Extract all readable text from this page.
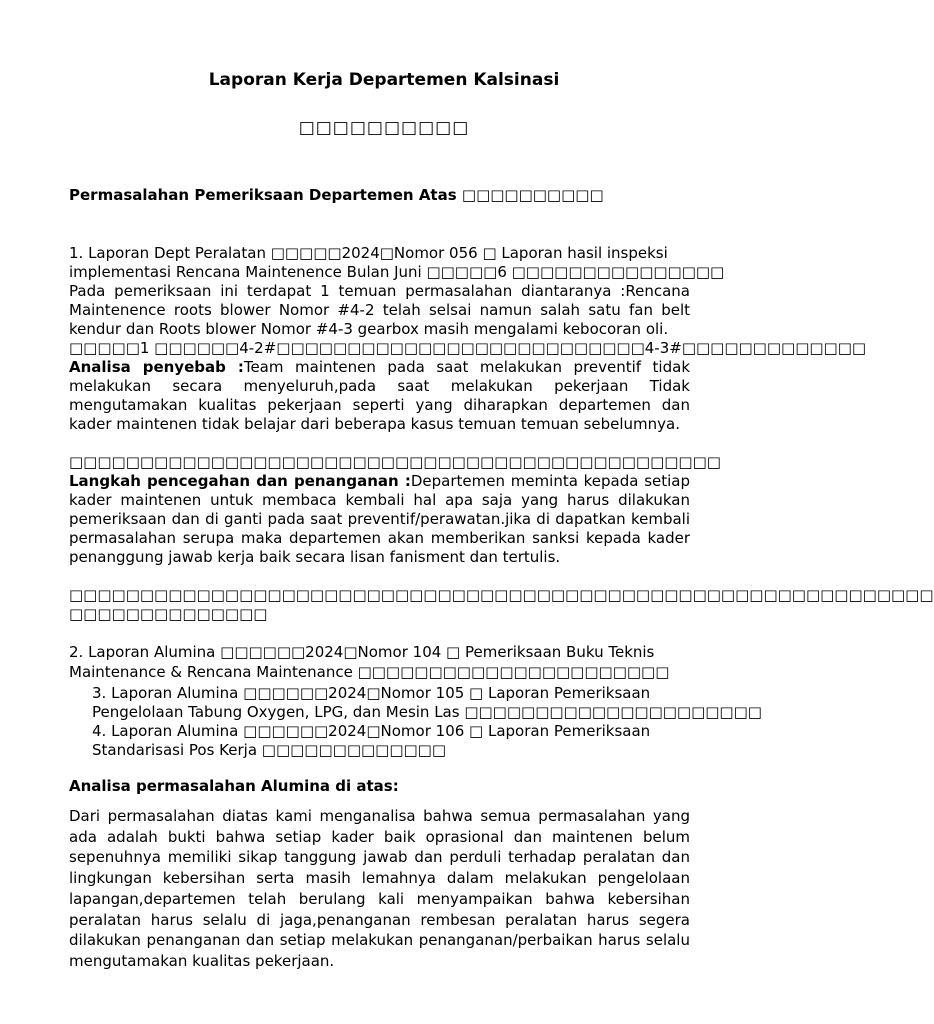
Laporan Kerja Departemen Kalsinasi
□□□□□□□□□□
Permasalahan Pemeriksaan Departemen Atas □□□□□□□□□□
1. Laporan Dept Peralatan □□□□□2024□Nomor 056 □ Laporan hasil inspeksi
implementasi Rencana Maintenence Bulan Juni □□□□□6 □□□□□□□□□□□□□□□
Pada pemeriksaan ini terdapat 1 temuan permasalahan diantaranya :Rencana Maintenence roots blower Nomor #4-2 telah selsai namun salah satu fan belt kendur dan Roots blower Nomor #4-3 gearbox masih mengalami kebocoran oli.
□□□□□1 □□□□□□4-2#□□□□□□□□□□□□□□□□□□□□□□□□□□4-3#□□□□□□□□□□□□□
Analisa penyebab :Team maintenen pada saat melakukan preventif tidak melakukan secara menyeluruh,pada saat melakukan pekerjaan Tidak mengutamakan kualitas pekerjaan seperti yang diharapkan departemen dan kader maintenen tidak belajar dari beberapa kasus temuan temuan sebelumnya.
□□□□□□□□□□□□□□□□□□□□□□□□□□□□□□□□□□□□□□□□□□□□□□
Langkah pencegahan dan penanganan :Departemen meminta kepada setiap kader maintenen untuk membaca kembali hal apa saja yang harus dilakukan pemeriksaan dan di ganti pada saat preventif/perawatan.jika di dapatkan kembali permasalahan serupa maka departemen akan memberikan sanksi kepada kader penanggung jawab kerja baik secara lisan fanisment dan tertulis.
□□□□□□□□□□□□□□□□□□□□□□□□□□□□□□□□□□□□□□□□□□□□□□□□□□□□□□□□□□□□□
□□□□□□□□□□□□□□
2. Laporan Alumina □□□□□□2024□Nomor 104 □ Pemeriksaan Buku Teknis
Maintenance & Rencana Maintenance □□□□□□□□□□□□□□□□□□□□□□
3. Laporan Alumina □□□□□□2024□Nomor 105 □ Laporan Pemeriksaan
Pengelolaan Tabung Oxygen, LPG, dan Mesin Las □□□□□□□□□□□□□□□□□□□□□
4. Laporan Alumina □□□□□□2024□Nomor 106 □ Laporan Pemeriksaan
Standarisasi Pos Kerja □□□□□□□□□□□□□
Analisa permasalahan Alumina di atas:
Dari permasalahan diatas kami menganalisa bahwa semua permasalahan yang ada adalah bukti bahwa setiap kader baik oprasional dan maintenen belum sepenuhnya memiliki sikap tanggung jawab dan perduli terhadap peralatan dan lingkungan kebersihan serta masih lemahnya dalam melakukan pengelolaan lapangan,departemen telah berulang kali menyampaikan bahwa kebersihan peralatan harus selalu di jaga,penanganan rembesan peralatan harus segera dilakukan penanganan dan setiap melakukan penanganan/perbaikan harus selalu mengutamakan kualitas pekerjaan.
